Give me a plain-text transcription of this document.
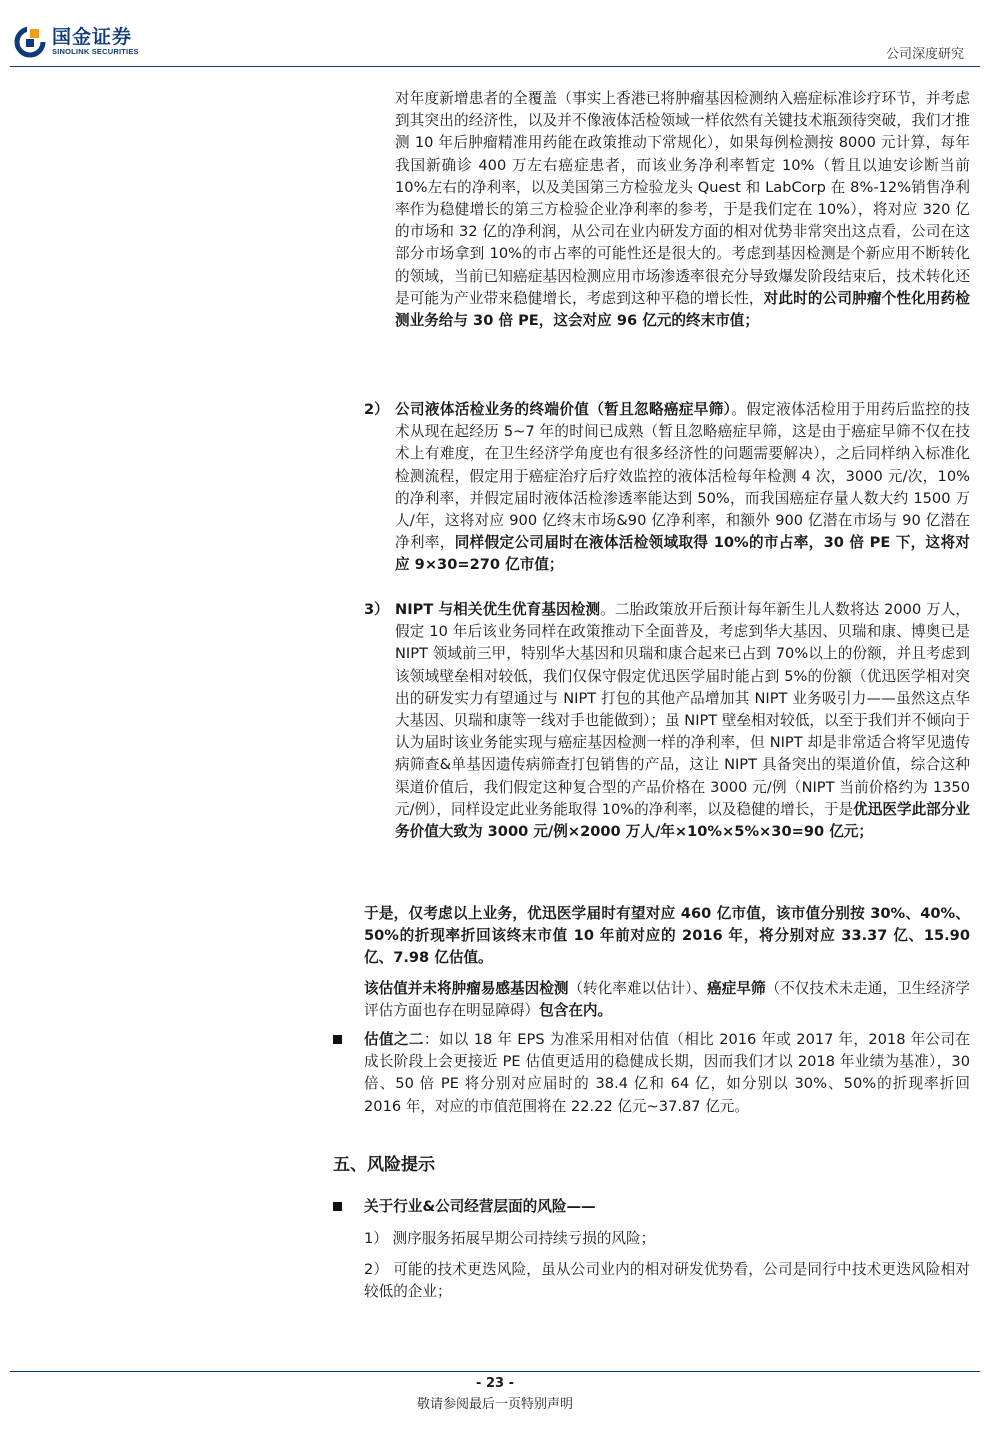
国金证券
SINOLINK SECURITIES	公司深度研究
对年度新增患者的全覆盖（事实上香港已将肿瘤基因检测纳入癌症标准诊疗环节，并考虑到其突出的经济性，以及并不像液体活检领域一样依然有关键技术瓶颈待突破，我们才推测 10 年后肿瘤精准用药能在政策推动下常规化），如果每例检测按 8000 元计算，每年我国新确诊 400 万左右癌症患者，而该业务净利率暂定 10%（暂且以迪安诊断当前 10%左右的净利率，以及美国第三方检验龙头 Quest 和 LabCorp 在 8%-12%销售净利率作为稳健增长的第三方检验企业净利率的参考，于是我们定在 10%），将对应 320 亿的市场和 32 亿的净利润，从公司在业内研发方面的相对优势非常突出这点看，公司在这部分市场拿到 10%的市占率的可能性还是很大的。考虑到基因检测是个新应用不断转化的领域，当前已知癌症基因检测应用市场渗透率很充分导致爆发阶段结束后，技术转化还是可能为产业带来稳健增长，考虑到这种平稳的增长性，对此时的公司肿瘤个性化用药检测业务给与 30 倍 PE，这会对应 96 亿元的终末市值；
2） 公司液体活检业务的终端价值（暂且忽略癌症早筛）。假定液体活检用于用药后监控的技术从现在起经历 5~7 年的时间已成熟（暂且忽略癌症早筛，这是由于癌症早筛不仅在技术上有难度，在卫生经济学角度也有很多经济性的问题需要解决），之后同样纳入标准化检测流程，假定用于癌症治疗后疗效监控的液体活检每年检测 4 次，3000 元/次，10%的净利率，并假定届时液体活检渗透率能达到 50%，而我国癌症存量人数大约 1500 万人/年，这将对应 900 亿终末市场&90 亿净利率，和额外 900 亿潜在市场与 90 亿潜在净利率，同样假定公司届时在液体活检领域取得 10%的市占率，30 倍 PE 下，这将对应 9×30=270 亿市值；
3） NIPT 与相关优生优育基因检测。二胎政策放开后预计每年新生儿人数将达 2000 万人，假定 10 年后该业务同样在政策推动下全面普及，考虑到华大基因、贝瑞和康、博奥已是 NIPT 领域前三甲，特别华大基因和贝瑞和康合起来已占到 70%以上的份额，并且考虑到该领域壁垒相对较低，我们仅保守假定优迅医学届时能占到 5%的份额（优迅医学相对突出的研发实力有望通过与 NIPT 打包的其他产品增加其 NIPT 业务吸引力——虽然这点华大基因、贝瑞和康等一线对手也能做到）；虽 NIPT 壁垒相对较低，以至于我们并不倾向于认为届时该业务能实现与癌症基因检测一样的净利率，但 NIPT 却是非常适合将罕见遗传病筛查&单基因遗传病筛查打包销售的产品，这让 NIPT 具备突出的渠道价值，综合这种渠道价值后，我们假定这种复合型的产品价格在 3000 元/例（NIPT 当前价格约为 1350 元/例），同样设定此业务能取得 10%的净利率，以及稳健的增长，于是优迅医学此部分业务价值大致为 3000 元/例×2000 万人/年×10%×5%×30=90 亿元；
于是，仅考虑以上业务，优迅医学届时有望对应 460 亿市值，该市值分别按 30%、40%、50%的折现率折回该终末市值 10 年前对应的 2016 年，将分别对应 33.37 亿、15.90 亿、7.98 亿估值。
该估值并未将肿瘤易感基因检测（转化率难以估计）、癌症早筛（不仅技术未走通，卫生经济学评估方面也存在明显障碍）包含在内。
估值之二：如以 18 年 EPS 为准采用相对估值（相比 2016 年或 2017 年，2018 年公司在成长阶段上会更接近 PE 估值更适用的稳健成长期，因而我们才以 2018 年业绩为基准），30 倍、50 倍 PE 将分别对应届时的 38.4 亿和 64 亿，如分别以 30%、50%的折现率折回 2016 年，对应的市值范围将在 22.22 亿元~37.87 亿元。
五、风险提示
关于行业&公司经营层面的风险——
1） 测序服务拓展早期公司持续亏损的风险；
2） 可能的技术更迭风险，虽从公司业内的相对研发优势看，公司是同行中技术更迭风险相对较低的企业；
- 23 -
敬请参阅最后一页特别声明
